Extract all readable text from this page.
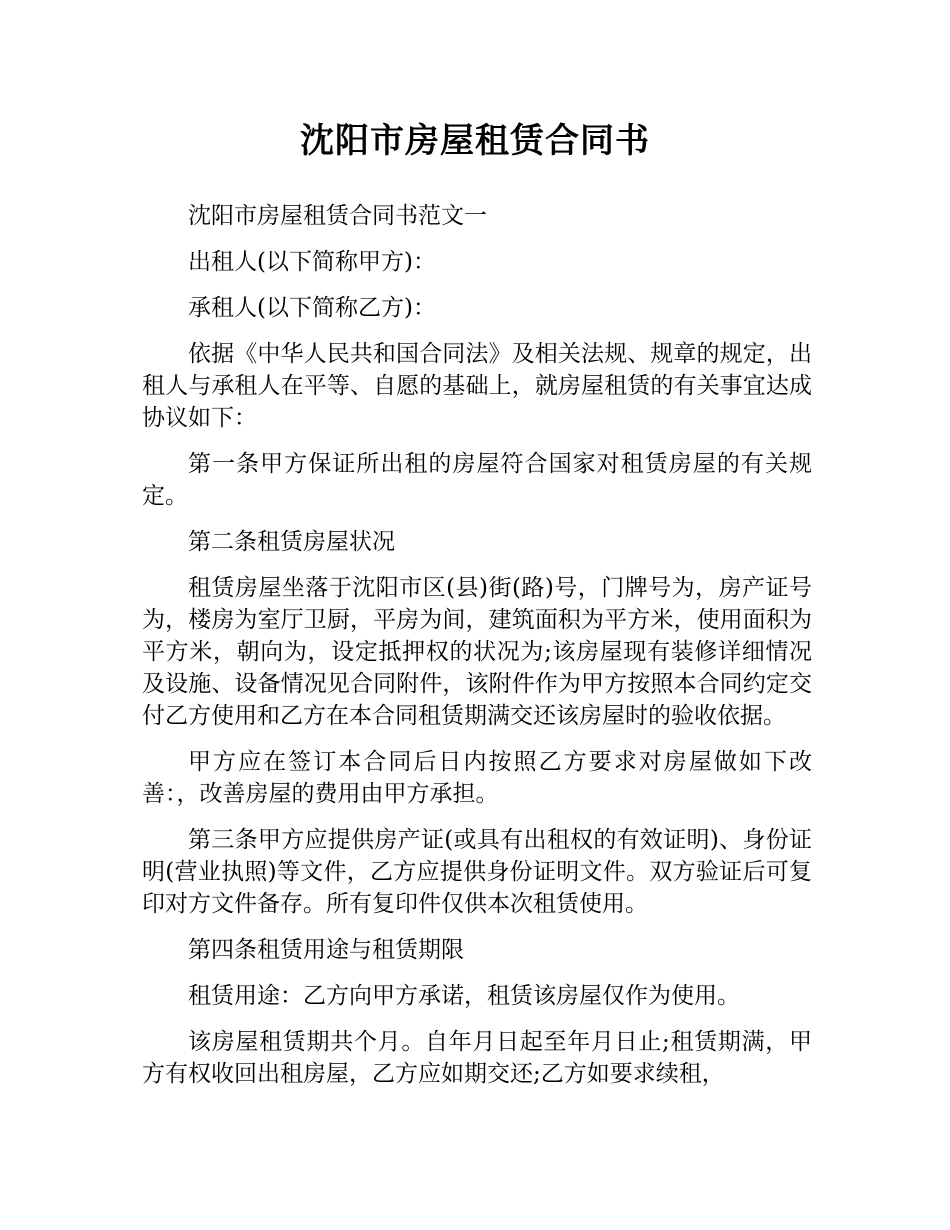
沈阳市房屋租赁合同书

沈阳市房屋租赁合同书范文一

出租人(以下简称甲方)：

承租人(以下简称乙方)：

依据《中华人民共和国合同法》及相关法规、规章的规定，出租人与承租人在平等、自愿的基础上，就房屋租赁的有关事宜达成协议如下：

第一条甲方保证所出租的房屋符合国家对租赁房屋的有关规定。

第二条租赁房屋状况

租赁房屋坐落于沈阳市区(县)街(路)号，门牌号为，房产证号为，楼房为室厅卫厨，平房为间，建筑面积为平方米，使用面积为平方米，朝向为，设定抵押权的状况为;该房屋现有装修详细情况及设施、设备情况见合同附件，该附件作为甲方按照本合同约定交付乙方使用和乙方在本合同租赁期满交还该房屋时的验收依据。

甲方应在签订本合同后日内按照乙方要求对房屋做如下改善：，改善房屋的费用由甲方承担。

第三条甲方应提供房产证(或具有出租权的有效证明)、身份证明(营业执照)等文件，乙方应提供身份证明文件。双方验证后可复印对方文件备存。所有复印件仅供本次租赁使用。

第四条租赁用途与租赁期限

租赁用途：乙方向甲方承诺，租赁该房屋仅作为使用。

该房屋租赁期共个月。自年月日起至年月日止;租赁期满，甲方有权收回出租房屋，乙方应如期交还;乙方如要求续租，
